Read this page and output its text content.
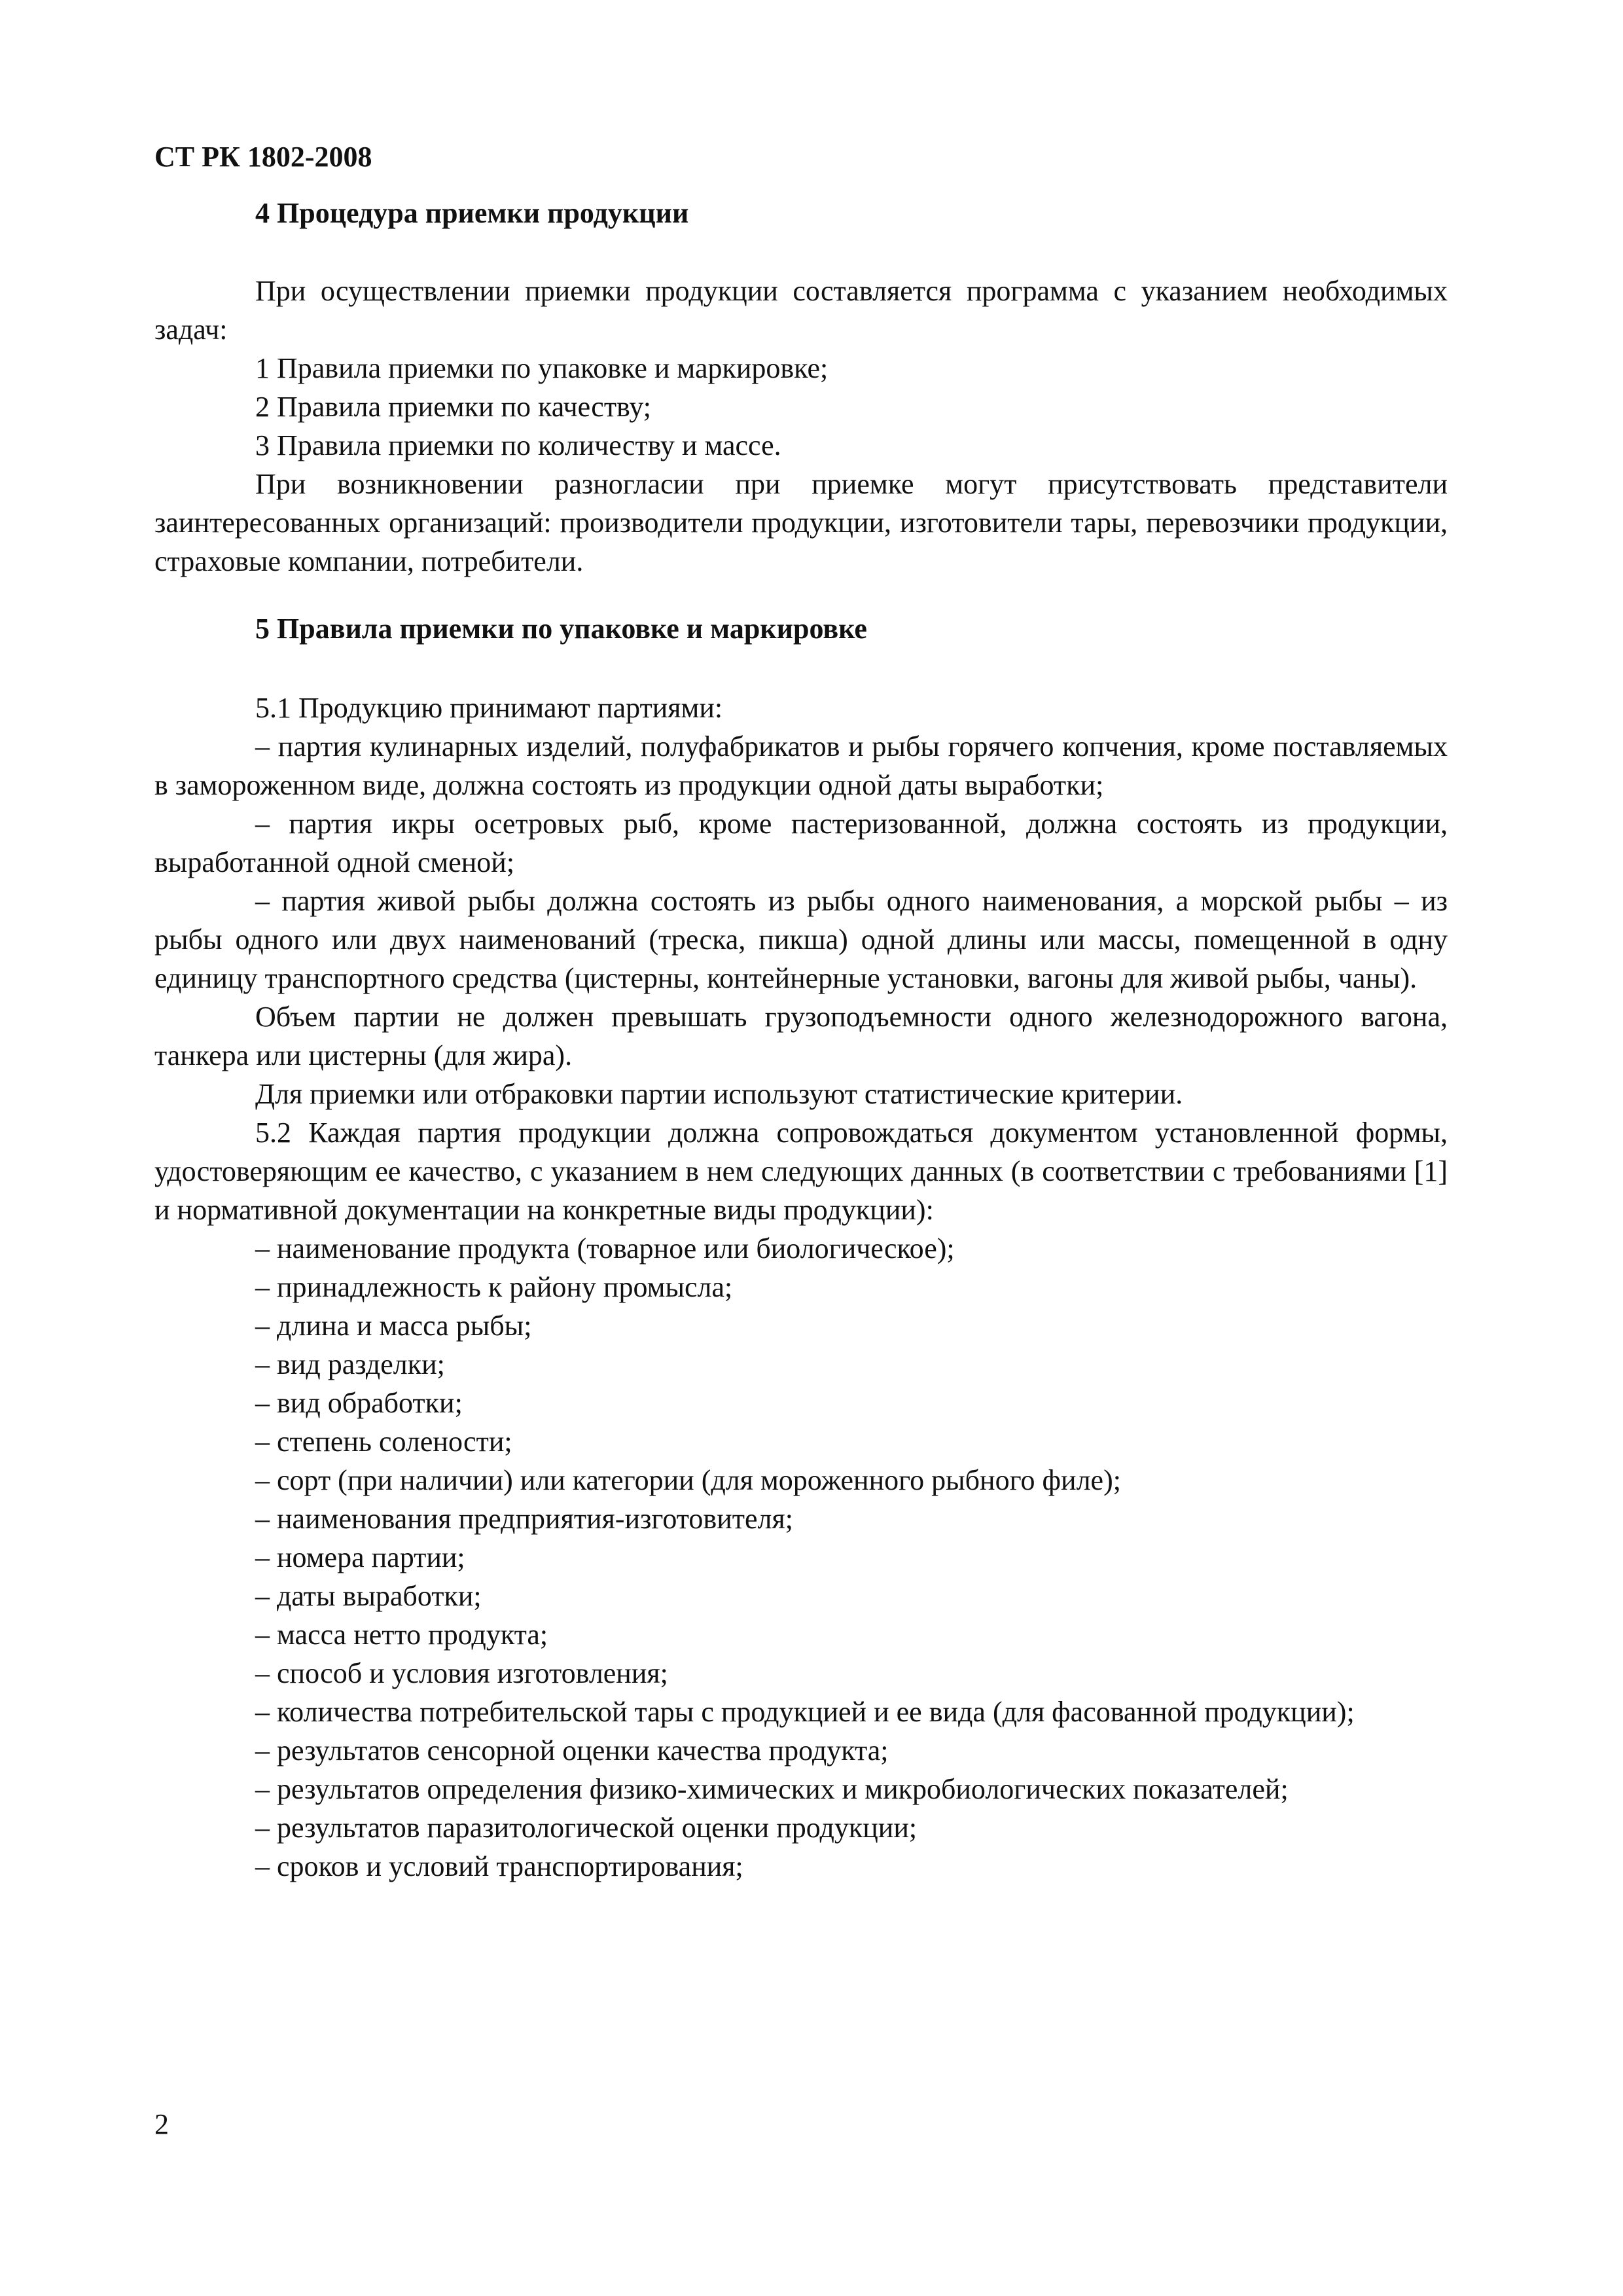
СТ РК 1802-2008

4 Процедура приемки продукции

При осуществлении приемки продукции составляется программа с указанием необходимых задач:

1 Правила приемки по упаковке и маркировке;

2 Правила приемки по качеству;

3 Правила приемки по количеству и массе.

При возникновении разногласии при приемке могут присутствовать представители заинтересованных организаций: производители продукции, изготовители тары, перевозчики продукции, страховые компании, потребители.

5 Правила приемки по упаковке и маркировке

5.1 Продукцию принимают партиями:

– партия кулинарных изделий, полуфабрикатов и рыбы горячего копчения, кроме поставляемых в замороженном виде, должна состоять из продукции одной даты выработки;

– партия икры осетровых рыб, кроме пастеризованной, должна состоять из продукции, выработанной одной сменой;

– партия живой рыбы должна состоять из рыбы одного наименования, а морской рыбы – из рыбы одного или двух наименований (треска, пикша) одной длины или массы, помещенной в одну единицу транспортного средства (цистерны, контейнерные установки, вагоны для живой рыбы, чаны).

Объем партии не должен превышать грузоподъемности одного железнодорожного вагона, танкера или цистерны (для жира).

Для приемки или отбраковки партии используют статистические критерии.

5.2 Каждая партия продукции должна сопровождаться документом установленной формы, удостоверяющим ее качество, с указанием в нем следующих данных (в соответствии с требованиями [1] и нормативной документации на конкретные виды продукции):

– наименование продукта (товарное или биологическое);

– принадлежность к району промысла;

– длина и масса рыбы;

– вид разделки;

– вид обработки;

– степень солености;

– сорт (при наличии) или категории (для мороженного рыбного филе);

– наименования предприятия-изготовителя;

– номера партии;

– даты выработки;

– масса нетто продукта;

– способ и условия изготовления;

– количества потребительской тары с продукцией и ее вида (для фасованной продукции);

– результатов сенсорной оценки качества продукта;

– результатов определения физико-химических и микробиологических показателей;

– результатов паразитологической оценки продукции;

– сроков и условий транспортирования;

2
